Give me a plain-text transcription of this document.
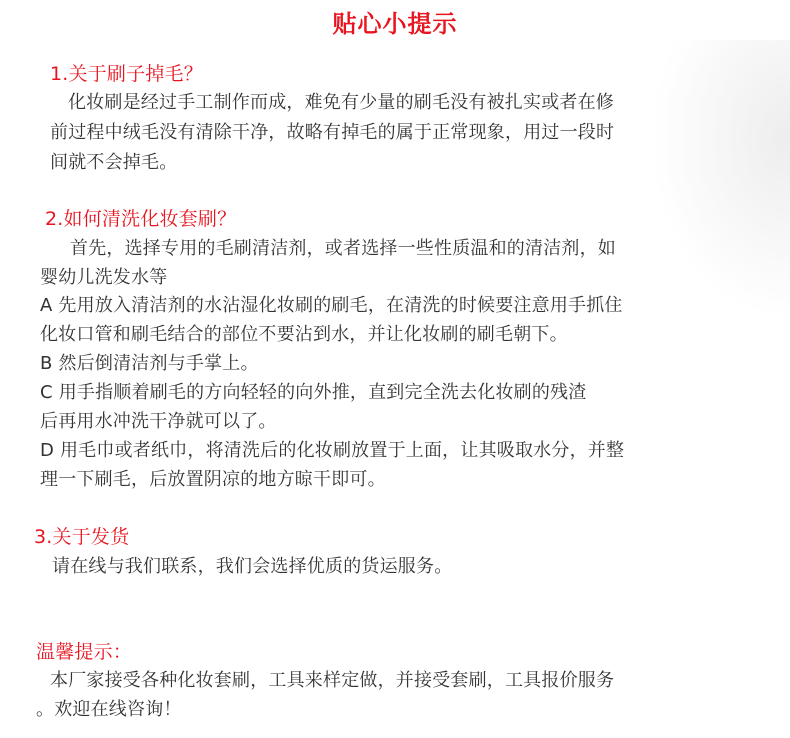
贴心小提示
1.关于刷子掉毛？
化妆刷是经过手工制作而成，难免有少量的刷毛没有被扎实或者在修
前过程中绒毛没有清除干净，故略有掉毛的属于正常现象，用过一段时
间就不会掉毛。
2.如何清洗化妆套刷？
首先，选择专用的毛刷清洁剂，或者选择一些性质温和的清洁剂，如
婴幼儿洗发水等
A 先用放入清洁剂的水沾湿化妆刷的刷毛，在清洗的时候要注意用手抓住
化妆口管和刷毛结合的部位不要沾到水，并让化妆刷的刷毛朝下。
B 然后倒清洁剂与手掌上。
C 用手指顺着刷毛的方向轻轻的向外推，直到完全洗去化妆刷的残渣
后再用水冲洗干净就可以了。
D 用毛巾或者纸巾，将清洗后的化妆刷放置于上面，让其吸取水分，并整
理一下刷毛，后放置阴凉的地方晾干即可。
3.关于发货
请在线与我们联系，我们会选择优质的货运服务。
温馨提示：
本厂家接受各种化妆套刷，工具来样定做，并接受套刷，工具报价服务
。欢迎在线咨询！
